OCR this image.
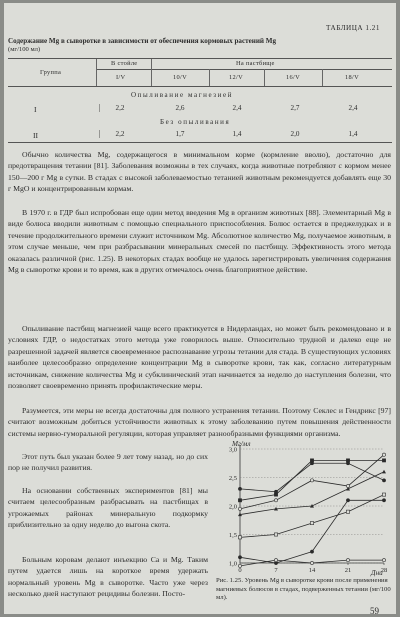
ТАБЛИЦА 1.21
Содержание Mg в сыворотке в зависимости от обеспечения кормовых растений Mg
(мг/100 мл)
Группа
В стойле	На пастбище
I/V	10/V	12/V	16/V	18/V
Опыливание магнезией
I	|	2,2	2,6	2,4	2,7	2,4
Без опыливания
II	|	2,2	1,7	1,4	2,0	1,4
Обычно количества Mg, содержащегося в минимальном корме (кормление вволю), достаточно для предотвращения тетании [81]. Заболевания возможны в тех случаях, когда животные потребляют с кормом менее 150—200 г Mg в сутки. В стадах с высокой заболеваемостью тетанией животным рекомендуется добавлять еще 30 г MgO и концентрированным кормам.
В 1970 г. в ГДР был испробован еще один метод введения Mg в организм животных [88]. Элементарный Mg в виде болюса вводили животным с помощью специального приспособления. Болюс остается в преджелудках и в течение продолжительного времени служит источником Mg. Абсолютное количество Mg, получаемое животным, в этом случае меньше, чем при разбрасывании минеральных смесей по пастбищу. Эффективность этого метода оказалась различной (рис. 1.25). В некоторых стадах вообще не удалось зарегистрировать увеличения содержания Mg в сыворотке крови и то время, как в других отмечалось очень благоприятное действие.
Опыливание пастбищ магнезией чаще всего практикуется в Нидерландах, но может быть рекомендовано и в условиях ГДР, о недостатках этого метода уже говорилось выше. Относительно трудной и далеко еще не разрешенной задачей является своевременное распознавание угрозы тетании для стада. В существующих условиях наиболее целесообразно определение концентрации Mg в сыворотке крови, так как, согласно литературным источникам, снижение количества Mg и субклинический этап начинается за неделю до наступления болезни, что позволяет своевременно принять профилактические меры.
Разумеется, эти меры не всегда достаточны для полного устранения тетании. Поэтому Секлес и Гендрикс [97] считают возможным добиться устойчивости животных к этому заболеванию путем повышения действенности системы нервно-гуморальной регуляции, которая управляет разнообразными функциями организма.
Этот путь был указан более 9 лет тому назад, но до сих пор не получил развития.
На основании собственных экспериментов [81] мы считаем целесообразным разбрасывать на пастбищах в угрожаемых районах минеральную подкормку приблизительно за одну неделю до выгона скота.
Больным коровам делают инъекцию Ca и Mg. Таким путем удается лишь на короткое время удержать нормальный уровень Mg в сыворотке. Часто уже через несколько дней наступают рецидивы болезни. Посто-
Мг/мл
Дни
3,0
2,5
2,0
1,5
1,0
0	7	14	21	28
Рис. 1.25. Уровень Mg в сыворотке крови после применения магниевых болюсов в стадах, подверженных тетании (мг/100 мл).
59
